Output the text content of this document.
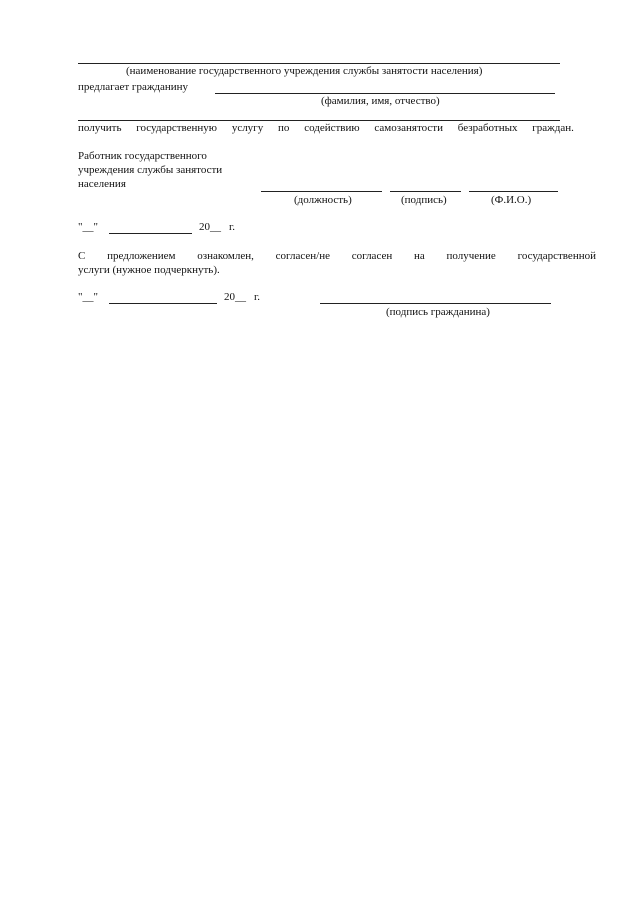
(наименование государственного учреждения службы занятости населения)
предлагает гражданину
(фамилия, имя, отчество)
получить государственную услугу по содействию самозанятости безработных граждан.
Работник государственного
учреждения службы занятости
населения
(должность)	(подпись)	(Ф.И.О.)
"__"	20__ г.
С предложением ознакомлен, согласен/не согласен на получение государственной
услуги (нужное подчеркнуть).
"__"	20__ г.
(подпись гражданина)
